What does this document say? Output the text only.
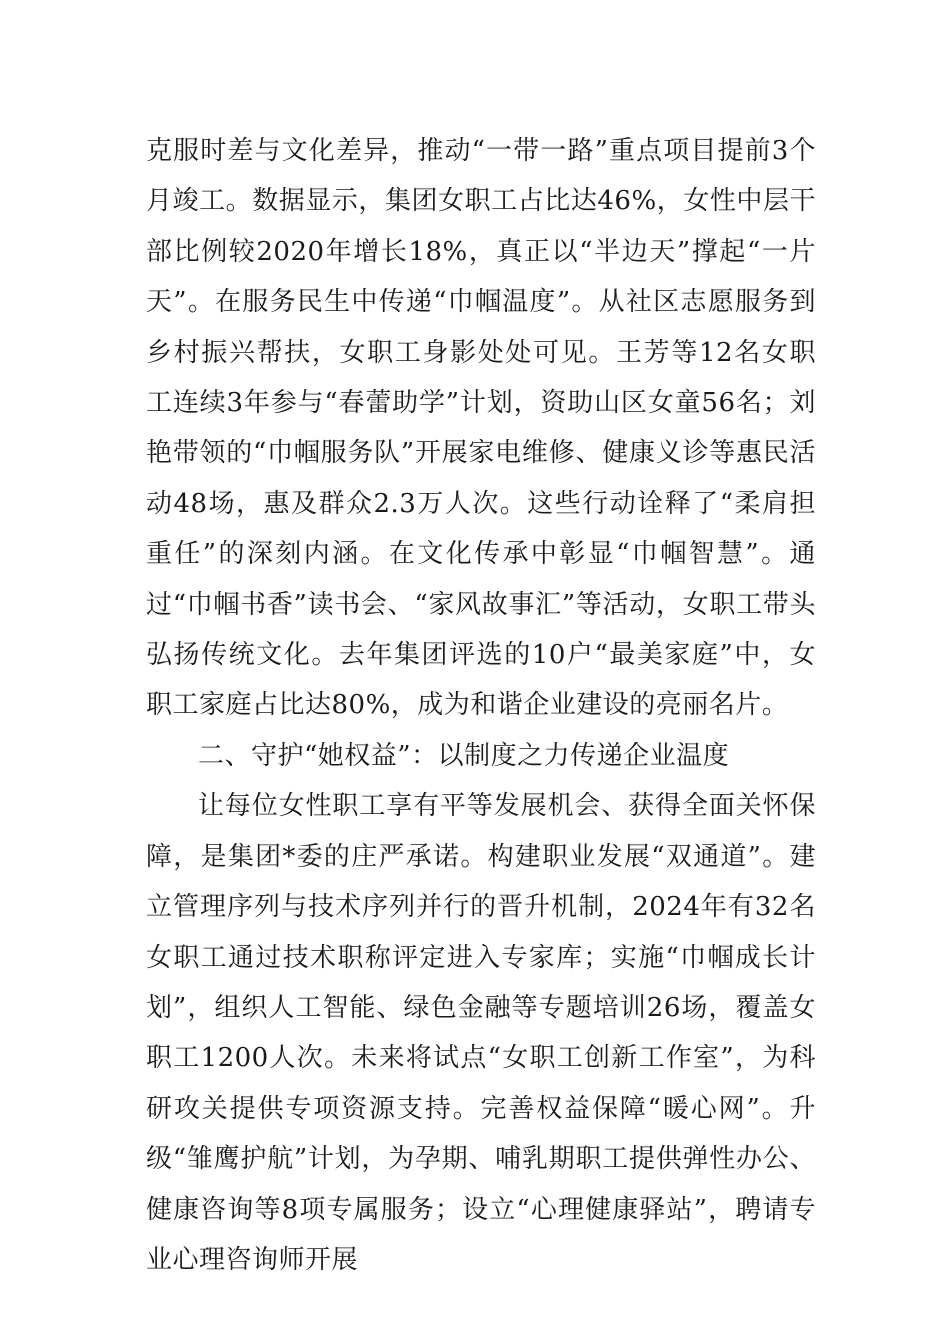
克服时差与文化差异，推动“一带一路”重点项目提前3个月竣工。数据显示，集团女职工占比达46%，女性中层干部比例较2020年增长18%，真正以“半边天”撑起“一片天”。在服务民生中传递“巾帼温度”。从社区志愿服务到乡村振兴帮扶，女职工身影处处可见。王芳等12名女职工连续3年参与“春蕾助学”计划，资助山区女童56名；刘艳带领的“巾帼服务队”开展家电维修、健康义诊等惠民活动48场，惠及群众2.3万人次。这些行动诠释了“柔肩担重任”的深刻内涵。在文化传承中彰显“巾帼智慧”。通过“巾帼书香”读书会、“家风故事汇”等活动，女职工带头弘扬传统文化。去年集团评选的10户“最美家庭”中，女职工家庭占比达80%，成为和谐企业建设的亮丽名片。

二、守护“她权益”：以制度之力传递企业温度

让每位女性职工享有平等发展机会、获得全面关怀保障，是集团*委的庄严承诺。构建职业发展“双通道”。建立管理序列与技术序列并行的晋升机制，2024年有32名女职工通过技术职称评定进入专家库；实施“巾帼成长计划”，组织人工智能、绿色金融等专题培训26场，覆盖女职工1200人次。未来将试点“女职工创新工作室”，为科研攻关提供专项资源支持。完善权益保障“暖心网”。升级“雏鹰护航”计划，为孕期、哺乳期职工提供弹性办公、健康咨询等8项专属服务；设立“心理健康驿站”，聘请专业心理咨询师开展
